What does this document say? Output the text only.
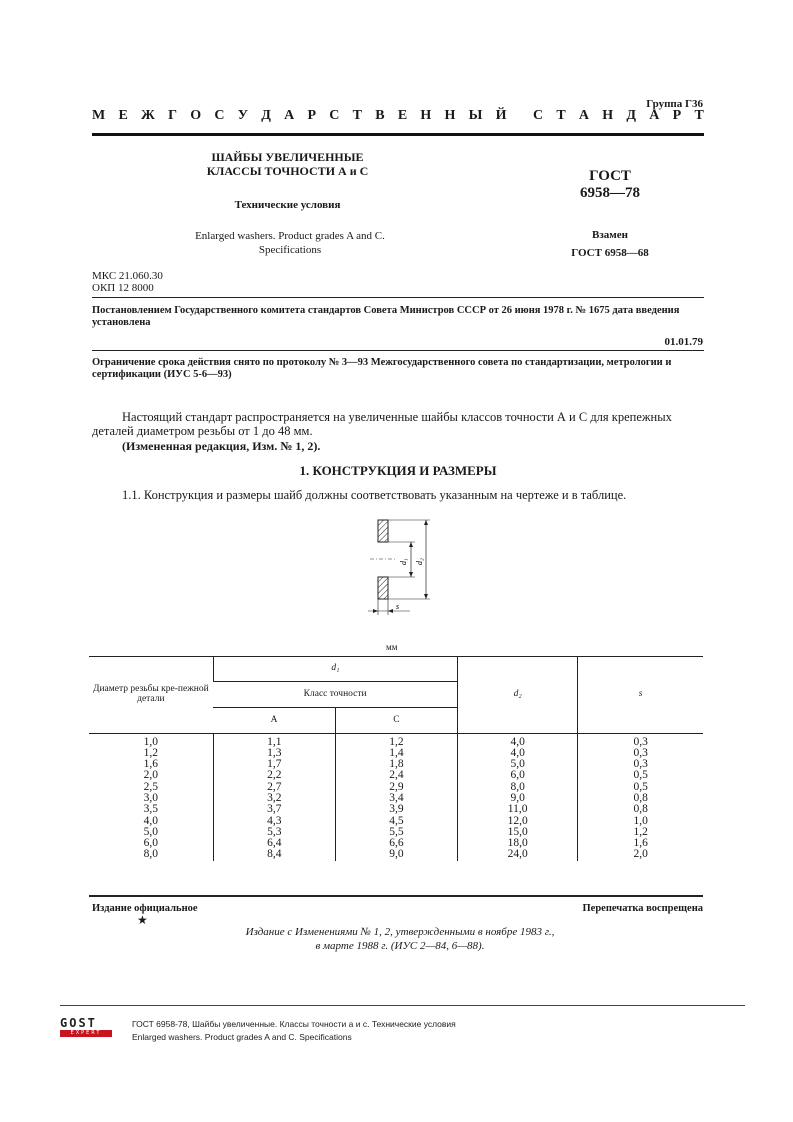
Группа Г36
М Е Ж Г О С У Д А Р С Т В Е Н Н Ы Й С Т А Н Д А Р Т
ШАЙБЫ УВЕЛИЧЕННЫЕ
КЛАССЫ ТОЧНОСТИ А и С
Технические условия
Enlarged washers. Product grades A and C.
Specifications
ГОСТ
6958—78
Взамен
ГОСТ 6958—68
МКС 21.060.30
ОКП 12 8000
Постановлением Государственного комитета стандартов Совета Министров СССР от 26 июня 1978 г. № 1675 дата введения установлена
01.01.79
Ограничение срока действия снято по протоколу № 3—93 Межгосударственного совета по стандартизации, метрологии и сертификации (ИУС 5-6—93)
Настоящий стандарт распространяется на увеличенные шайбы классов точности А и С для крепежных деталей диаметром резьбы от 1 до 48 мм.
(Измененная редакция, Изм. № 1, 2).
1. КОНСТРУКЦИЯ И РАЗМЕРЫ
1.1. Конструкция и размеры шайб должны соответствовать указанным на чертеже и в таблице.
d₁ d₂
s
мм
Диаметр резьбы кре-пежной детали	d₁		d₂	s
	Класс точности			
	А	С		
1,0	1,1	1,2	4,0	0,3
1,2	1,3	1,4	4,0	0,3
1,6	1,7	1,8	5,0	0,3
2,0	2,2	2,4	6,0	0,5
2,5	2,7	2,9	8,0	0,5
3,0	3,2	3,4	9,0	0,8
3,5	3,7	3,9	11,0	0,8
4,0	4,3	4,5	12,0	1,0
5,0	5,3	5,5	15,0	1,2
6,0	6,4	6,6	18,0	1,6
8,0	8,4	9,0	24,0	2,0
Издание официальное	Перепечатка воспрещена
★
Издание с Изменениями № 1, 2, утвержденными в ноябре 1983 г.,
в марте 1988 г. (ИУС 2—84, 6—88).
GOST
EXPERT
ГОСТ 6958-78, Шайбы увеличенные. Классы точности а и с. Технические условия
Enlarged washers. Product grades A and C. Specifications
